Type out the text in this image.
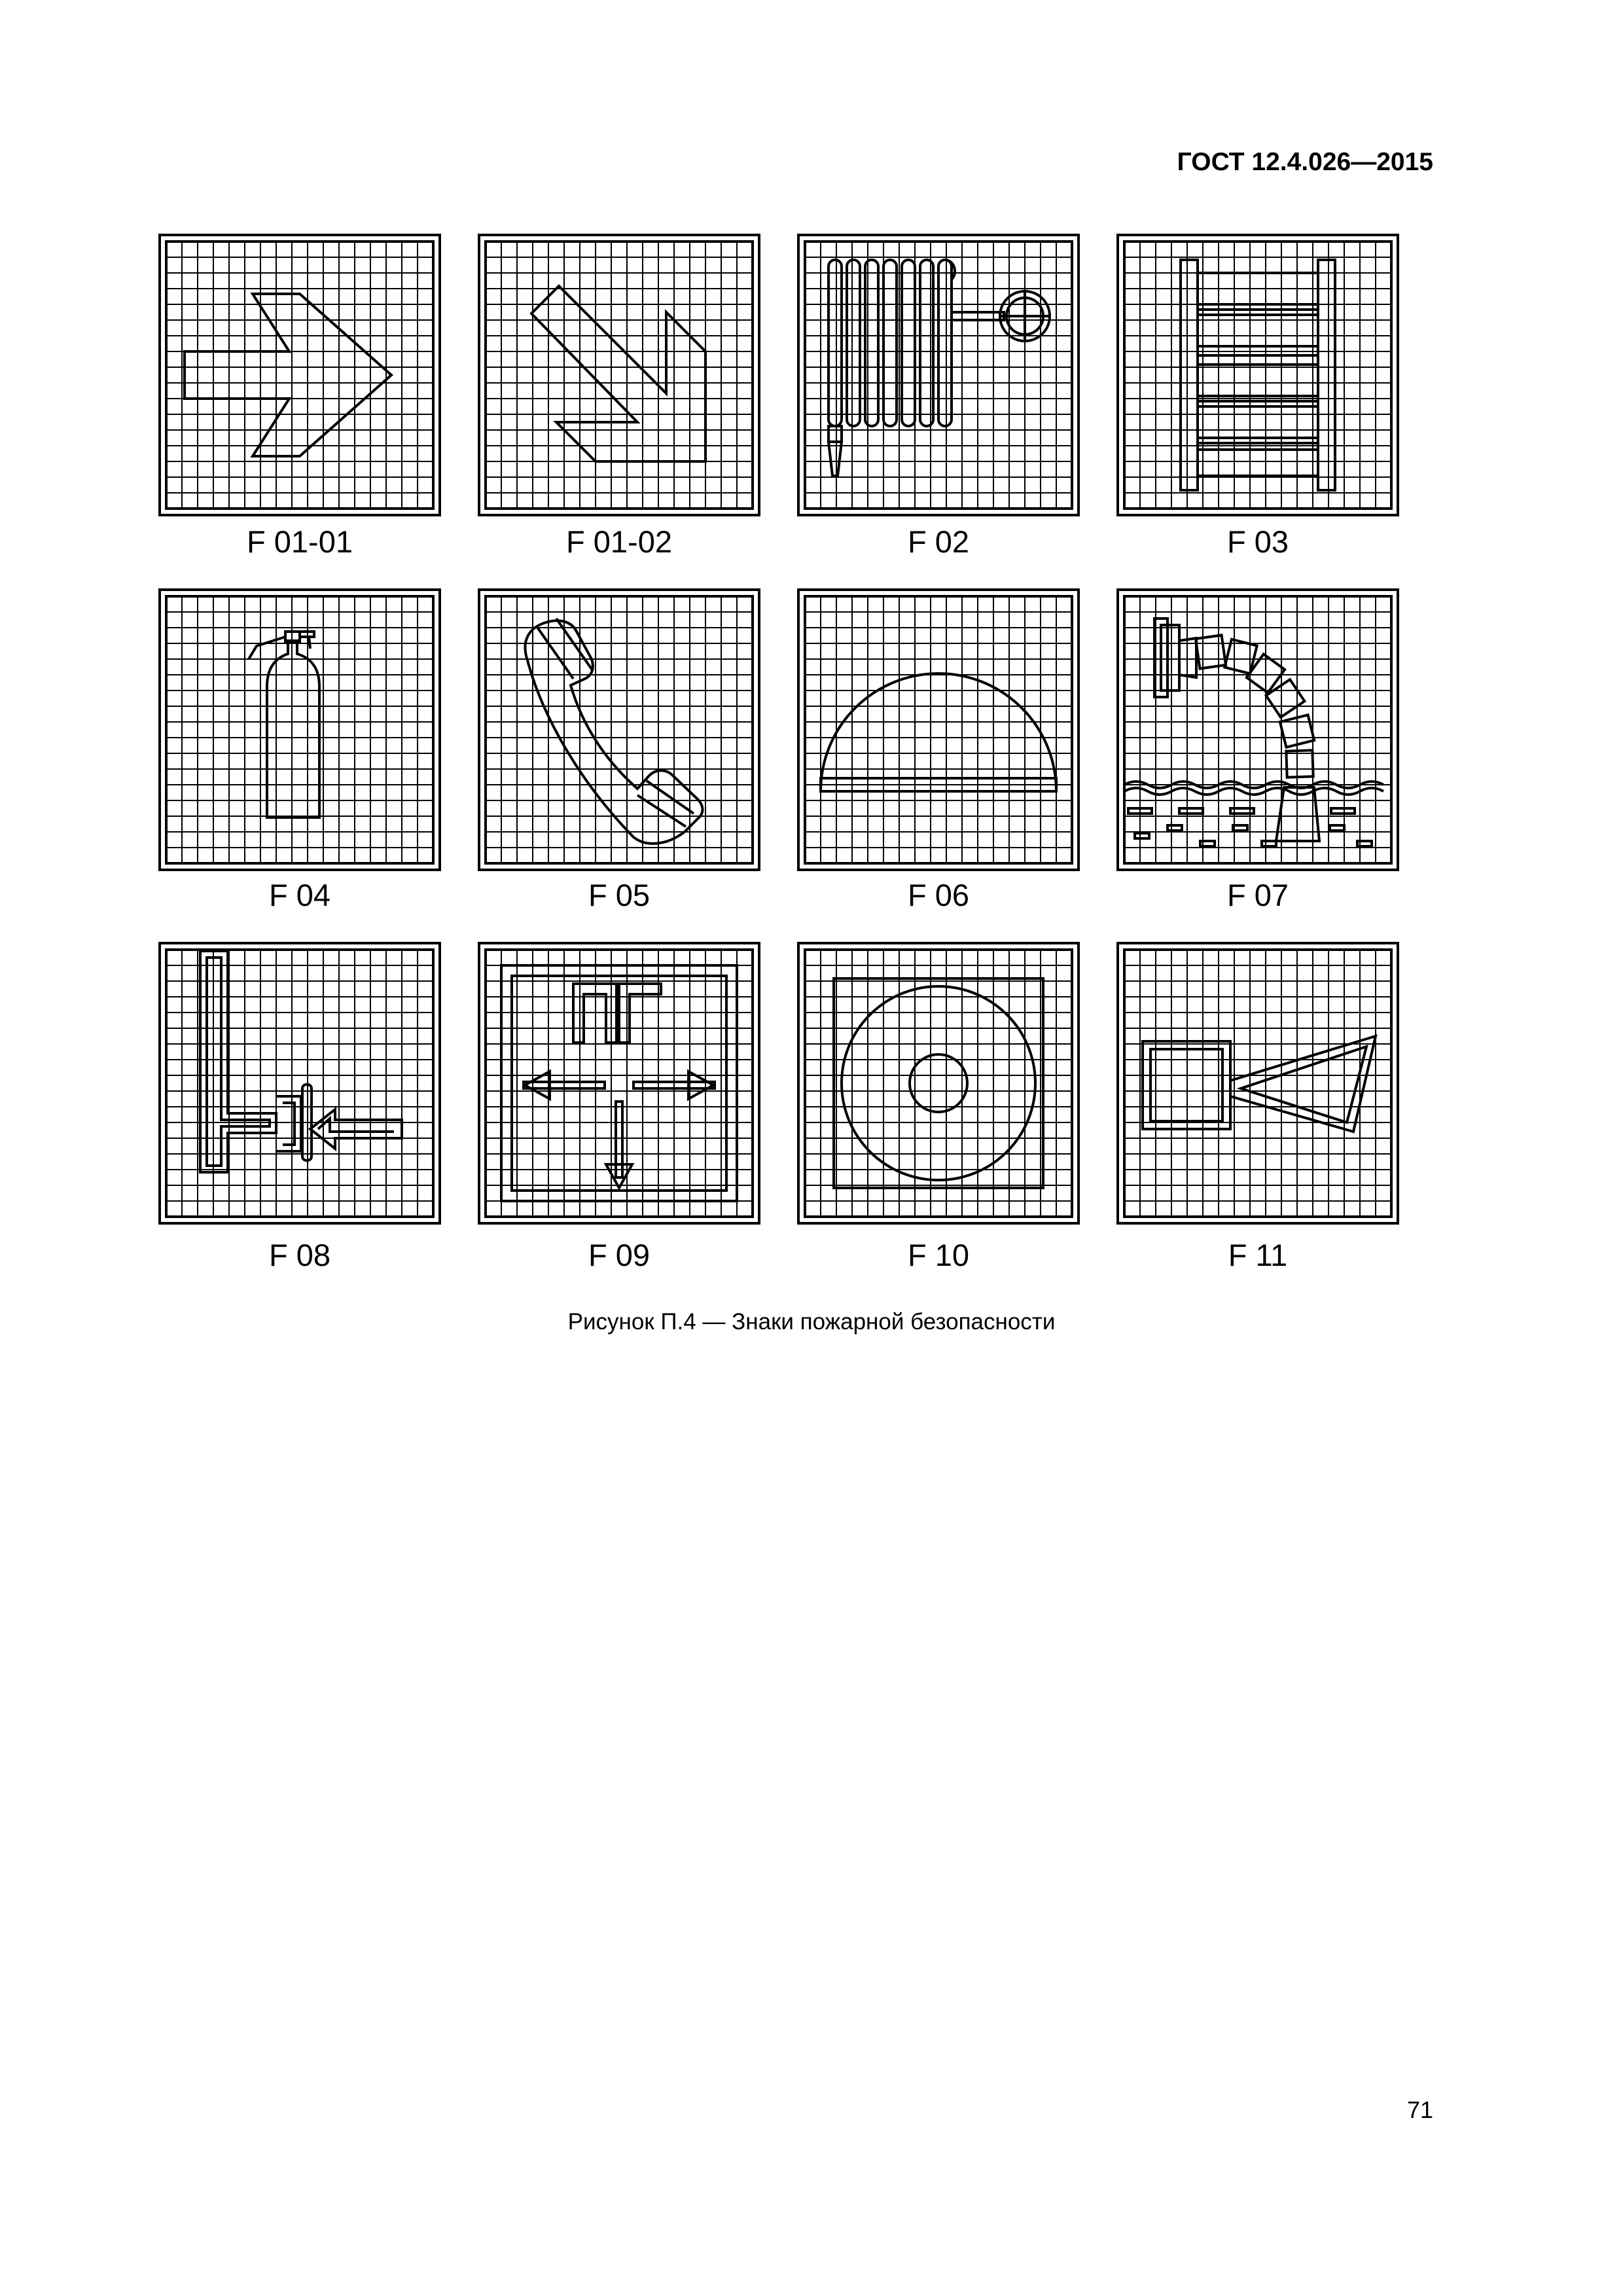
ГОСТ 12.4.026—2015
F 01-01	F 01-02	F 02	F 03
F 04	F 05	F 06	F 07
F 08	F 09	F 10	F 11
Рисунок П.4 — Знаки пожарной безопасности
71
